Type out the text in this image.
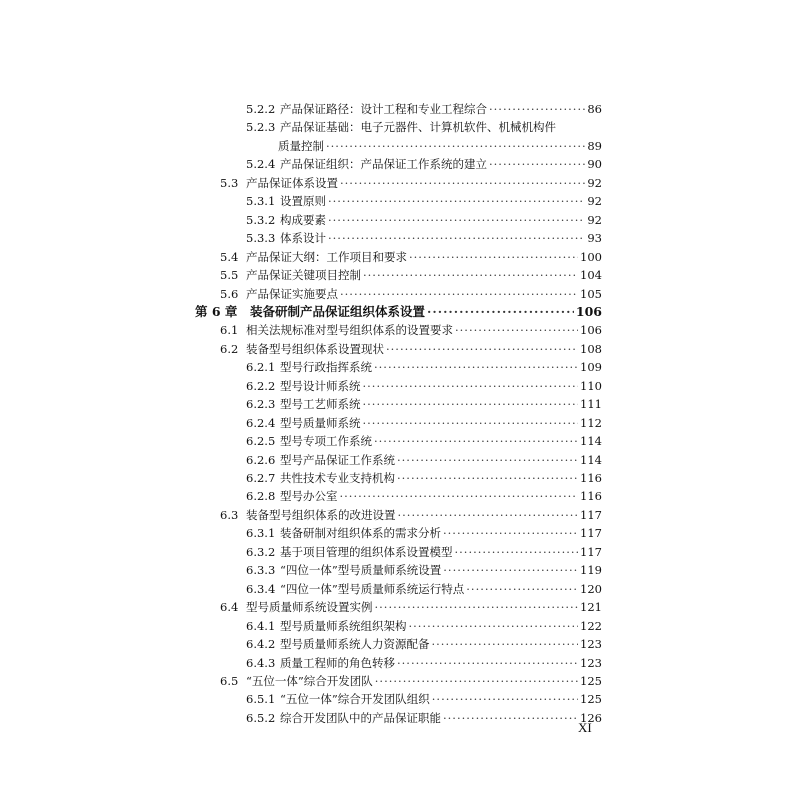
5.2.2 产品保证路径：设计工程和专业工程综合 ·····	86
5.2.3 产品保证基础：电子元器件、计算机软件、机械机构件
质量控制 ·····	89
5.2.4 产品保证组织：产品保证工作系统的建立 ·····	90
5.3 产品保证体系设置 ·····	92
5.3.1 设置原则 ·····	92
5.3.2 构成要素 ·····	92
5.3.3 体系设计 ·····	93
5.4 产品保证大纲：工作项目和要求 ·····	100
5.5 产品保证关键项目控制 ·····	104
5.6 产品保证实施要点 ·····	105
第 6 章	装备研制产品保证组织体系设置 ·····	106
6.1 相关法规标准对型号组织体系的设置要求 ·····	106
6.2 装备型号组织体系设置现状 ·····	108
6.2.1 型号行政指挥系统 ·····	109
6.2.2 型号设计师系统 ·····	110
6.2.3 型号工艺师系统 ·····	111
6.2.4 型号质量师系统 ·····	112
6.2.5 型号专项工作系统 ·····	114
6.2.6 型号产品保证工作系统 ·····	114
6.2.7 共性技术专业支持机构 ·····	116
6.2.8 型号办公室 ·····	116
6.3 装备型号组织体系的改进设置 ·····	117
6.3.1 装备研制对组织体系的需求分析 ·····	117
6.3.2 基于项目管理的组织体系设置模型 ·····	117
6.3.3 “四位一体”型号质量师系统设置 ·····	119
6.3.4 “四位一体”型号质量师系统运行特点 ·····	120
6.4 型号质量师系统设置实例 ·····	121
6.4.1 型号质量师系统组织架构 ·····	122
6.4.2 型号质量师系统人力资源配备 ·····	123
6.4.3 质量工程师的角色转移 ·····	123
6.5 “五位一体”综合开发团队 ·····	125
6.5.1 “五位一体”综合开发团队组织 ·····	125
6.5.2 综合开发团队中的产品保证职能 ·····	126
XI
